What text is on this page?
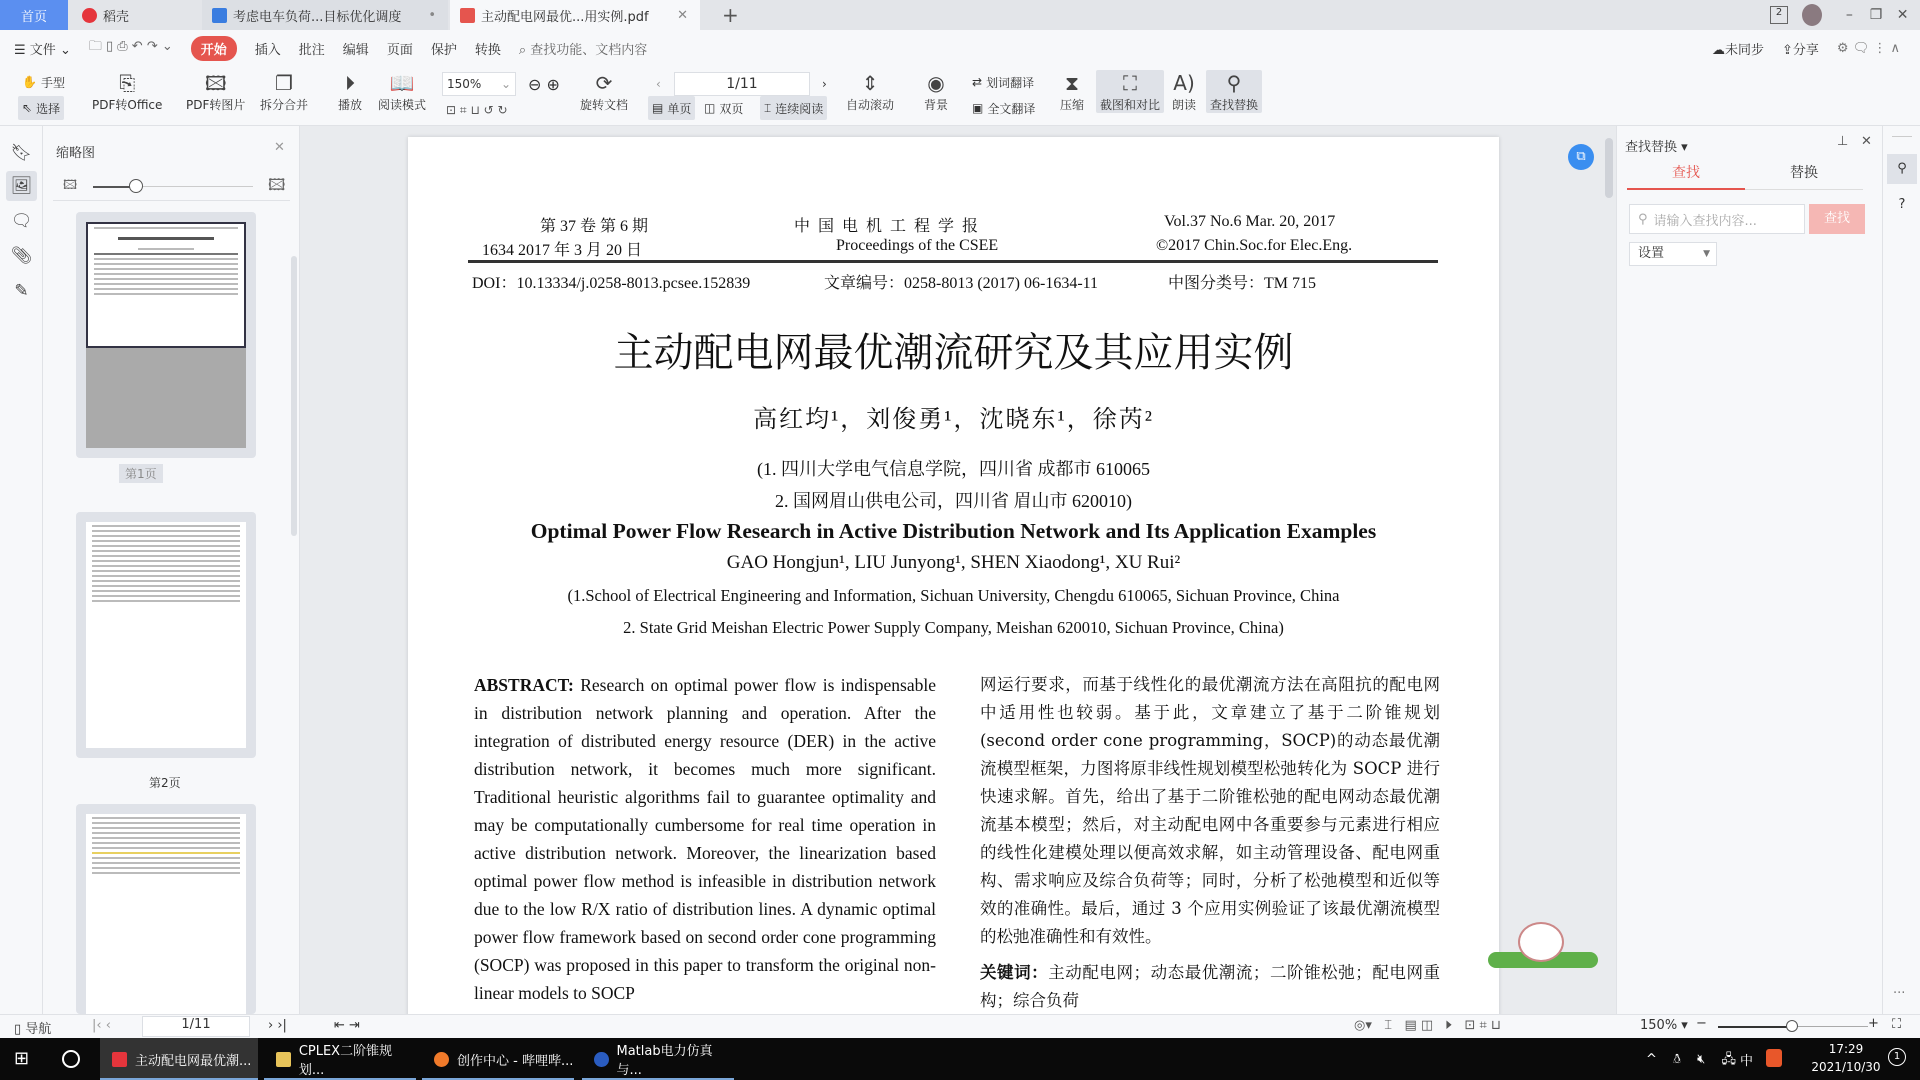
首页	稻壳	考虑电车负荷...目标优化调度 •	主动配电网最优...用实例.pdf ✕ +	2	–	❐ ✕
☰ 文件 ⌄ 🗀 ▯ ⎙ ↶ ↷ ⌄	开始	插入 批注 编辑 页面 保护 转换 ⌕ 查找功能、文档内容	☁未同步 ⇪分享 ⚙ 🗨 ⋮ ∧
✋ 手型
⇖ 选择
⎘
PDF转Office
🖾
PDF转图片
❐
拆分合并
⏵
播放
📖
阅读模式
150% ⌄ ⊖ ⊕
⊡ ⌗ ⊔ ↺ ↻
⟳
旋转文档
‹	1/11	›
▤ 单页	◫ 双页	⌶ 连续阅读
⇕
自动滚动
◉
背景
⇄ 划词翻译
▣ 全文翻译
⧗
压缩
⛶
截图和对比
A)
朗读
⚲
查找替换
🔖︎
🖼︎
🗨
📎︎
✎
缩略图	✕
🖾	🖾
第1页
第2页
第 37 卷 第 6 期
1634 2017 年 3 月 20 日
中 国 电 机 工 程 学 报
Proceedings of the CSEE
Vol.37 No.6 Mar. 20, 2017
©2017 Chin.Soc.for Elec.Eng.
DOI：10.13334/j.0258-8013.pcsee.152839	文章编号：0258-8013 (2017) 06-1634-11	中图分类号：TM 715
主动配电网最优潮流研究及其应用实例
高红均¹，刘俊勇¹，沈晓东¹，徐芮²
(1. 四川大学电气信息学院，四川省 成都市 610065
2. 国网眉山供电公司，四川省 眉山市 620010)
Optimal Power Flow Research in Active Distribution Network and Its Application Examples
GAO Hongjun¹, LIU Junyong¹, SHEN Xiaodong¹, XU Rui²
(1.School of Electrical Engineering and Information, Sichuan University, Chengdu 610065, Sichuan Province, China
2. State Grid Meishan Electric Power Supply Company, Meishan 620010, Sichuan Province, China)
ABSTRACT: Research on optimal power flow is indispensable in distribution network planning and operation. After the integration of distributed energy resource (DER) in the active distribution network, it becomes much more significant. Traditional heuristic algorithms fail to guarantee optimality and may be computationally cumbersome for real time operation in active distribution network. Moreover, the linearization based optimal power flow method is infeasible in distribution network due to the low R/X ratio of distribution lines. A dynamic optimal power flow framework based on second order cone programming (SOCP) was proposed in this paper to transform the original non-linear models to SOCP
网运行要求，而基于线性化的最优潮流方法在高阻抗的配电网中适用性也较弱。基于此，文章建立了基于二阶锥规划(second order cone programming，SOCP)的动态最优潮流模型框架，力图将原非线性规划模型松弛转化为 SOCP 进行快速求解。首先，给出了基于二阶锥松弛的配电网动态最优潮流基本模型；然后，对主动配电网中各重要参与元素进行相应的线性化建模处理以便高效求解，如主动管理设备、配电网重构、需求响应及综合负荷等；同时，分析了松弛模型和近似等效的准确性。最后，通过 3 个应用实例验证了该最优潮流模型的松弛准确性和有效性。
关键词：主动配电网；动态最优潮流；二阶锥松弛；配电网重构；综合负荷
⧉
查找替换 ▾	⊥ ✕
查找	替换
⚲ 请输入查找内容...	查找
设置	▼
⚲
?
···
▯ 导航	|‹ ‹	1/11	› ›|	⇤ ⇥	◎▾   ⌶   ▤ ◫   ⏵   ⊡ ⌗ ⊔	150% ▾ −	+ ⛶
⊞	主动配电网最优潮...
CPLEX二阶锥规划...
创作中心 - 哔哩哔...
Matlab电力仿真与...
^ 🐧︎ 🔇︎ 🖧︎
中
17:29
2021/10/30
1
